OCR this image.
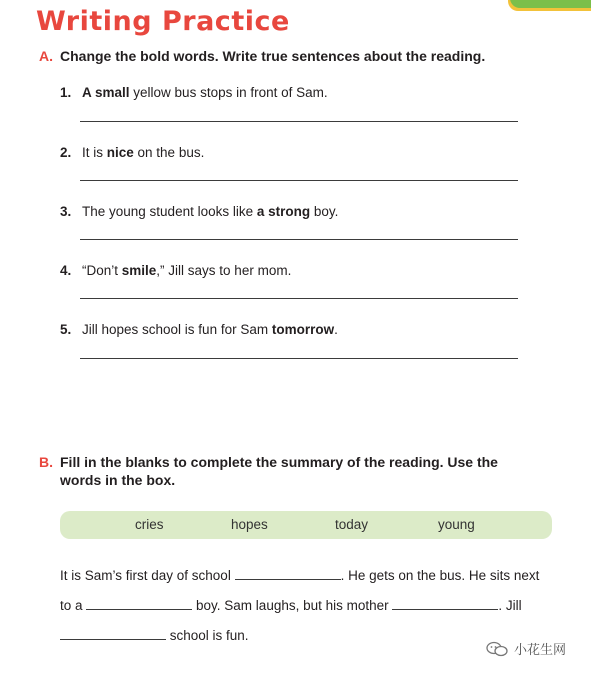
Writing Practice
A. Change the bold words. Write true sentences about the reading.
1. A small yellow bus stops in front of Sam.
2. It is nice on the bus.
3. The young student looks like a strong boy.
4. “Don’t smile,” Jill says to her mom.
5. Jill hopes school is fun for Sam tomorrow.
B. Fill in the blanks to complete the summary of the reading. Use the words in the box.
cries	hopes	today	young
It is Sam’s first day of school	. He gets on the bus. He sits next
to a	boy. Sam laughs, but his mother	. Jill
school is fun.
小花生网
